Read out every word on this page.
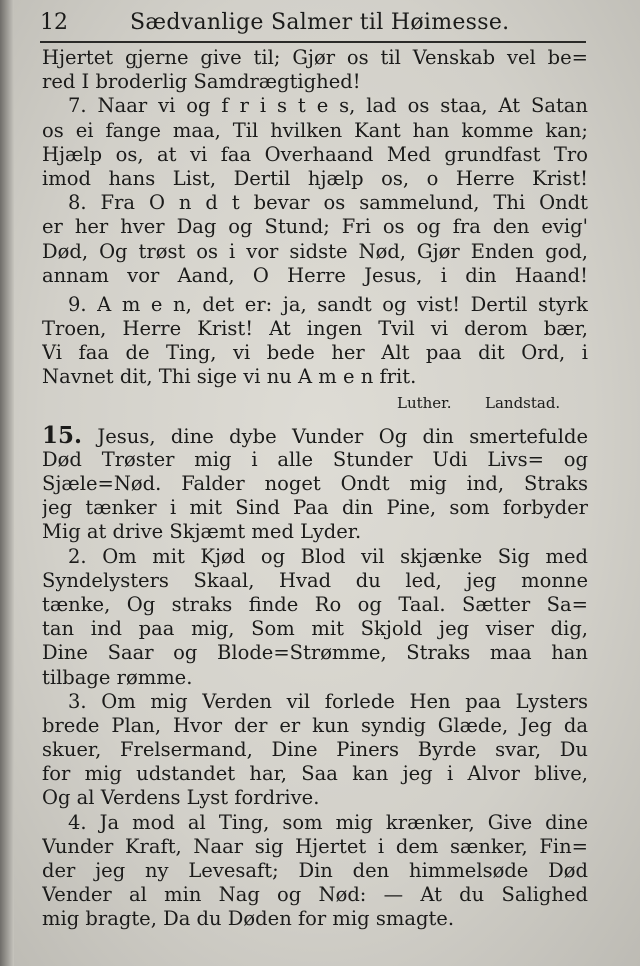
12	Sædvanlige Salmer til Høimesse.
Hjertet gjerne give til; Gjør os til Venskab vel be=
red I broderlig Samdrægtighed!
7. Naar vi og f r i s t e s, lad os staa, At Satan
os ei fange maa, Til hvilken Kant han komme kan;
Hjælp os, at vi faa Overhaand Med grundfast Tro
imod hans List, Dertil hjælp os, o Herre Krist!
8. Fra O n d t bevar os sammelund, Thi Ondt
er her hver Dag og Stund; Fri os og fra den evig'
Død, Og trøst os i vor sidste Nød, Gjør Enden god,
annam vor Aand, O Herre Jesus, i din Haand!
9. A m e n, det er: ja, sandt og vist! Dertil styrk
Troen, Herre Krist! At ingen Tvil vi derom bær,
Vi faa de Ting, vi bede her Alt paa dit Ord, i
Navnet dit, Thi sige vi nu A m e n frit.
Luther. Landstad.
15. Jesus, dine dybe Vunder Og din smertefulde
Død Trøster mig i alle Stunder Udi Livs= og
Sjæle=Nød. Falder noget Ondt mig ind, Straks
jeg tænker i mit Sind Paa din Pine, som forbyder
Mig at drive Skjæmt med Lyder.
2. Om mit Kjød og Blod vil skjænke Sig med
Syndelysters Skaal, Hvad du led, jeg monne
tænke, Og straks finde Ro og Taal. Sætter Sa=
tan ind paa mig, Som mit Skjold jeg viser dig,
Dine Saar og Blode=Strømme, Straks maa han
tilbage rømme.
3. Om mig Verden vil forlede Hen paa Lysters
brede Plan, Hvor der er kun syndig Glæde, Jeg da
skuer, Frelsermand, Dine Piners Byrde svar, Du
for mig udstandet har, Saa kan jeg i Alvor blive,
Og al Verdens Lyst fordrive.
4. Ja mod al Ting, som mig krænker, Give dine
Vunder Kraft, Naar sig Hjertet i dem sænker, Fin=
der jeg ny Levesaft; Din den himmelsøde Død
Vender al min Nag og Nød: — At du Salighed
mig bragte, Da du Døden for mig smagte.
